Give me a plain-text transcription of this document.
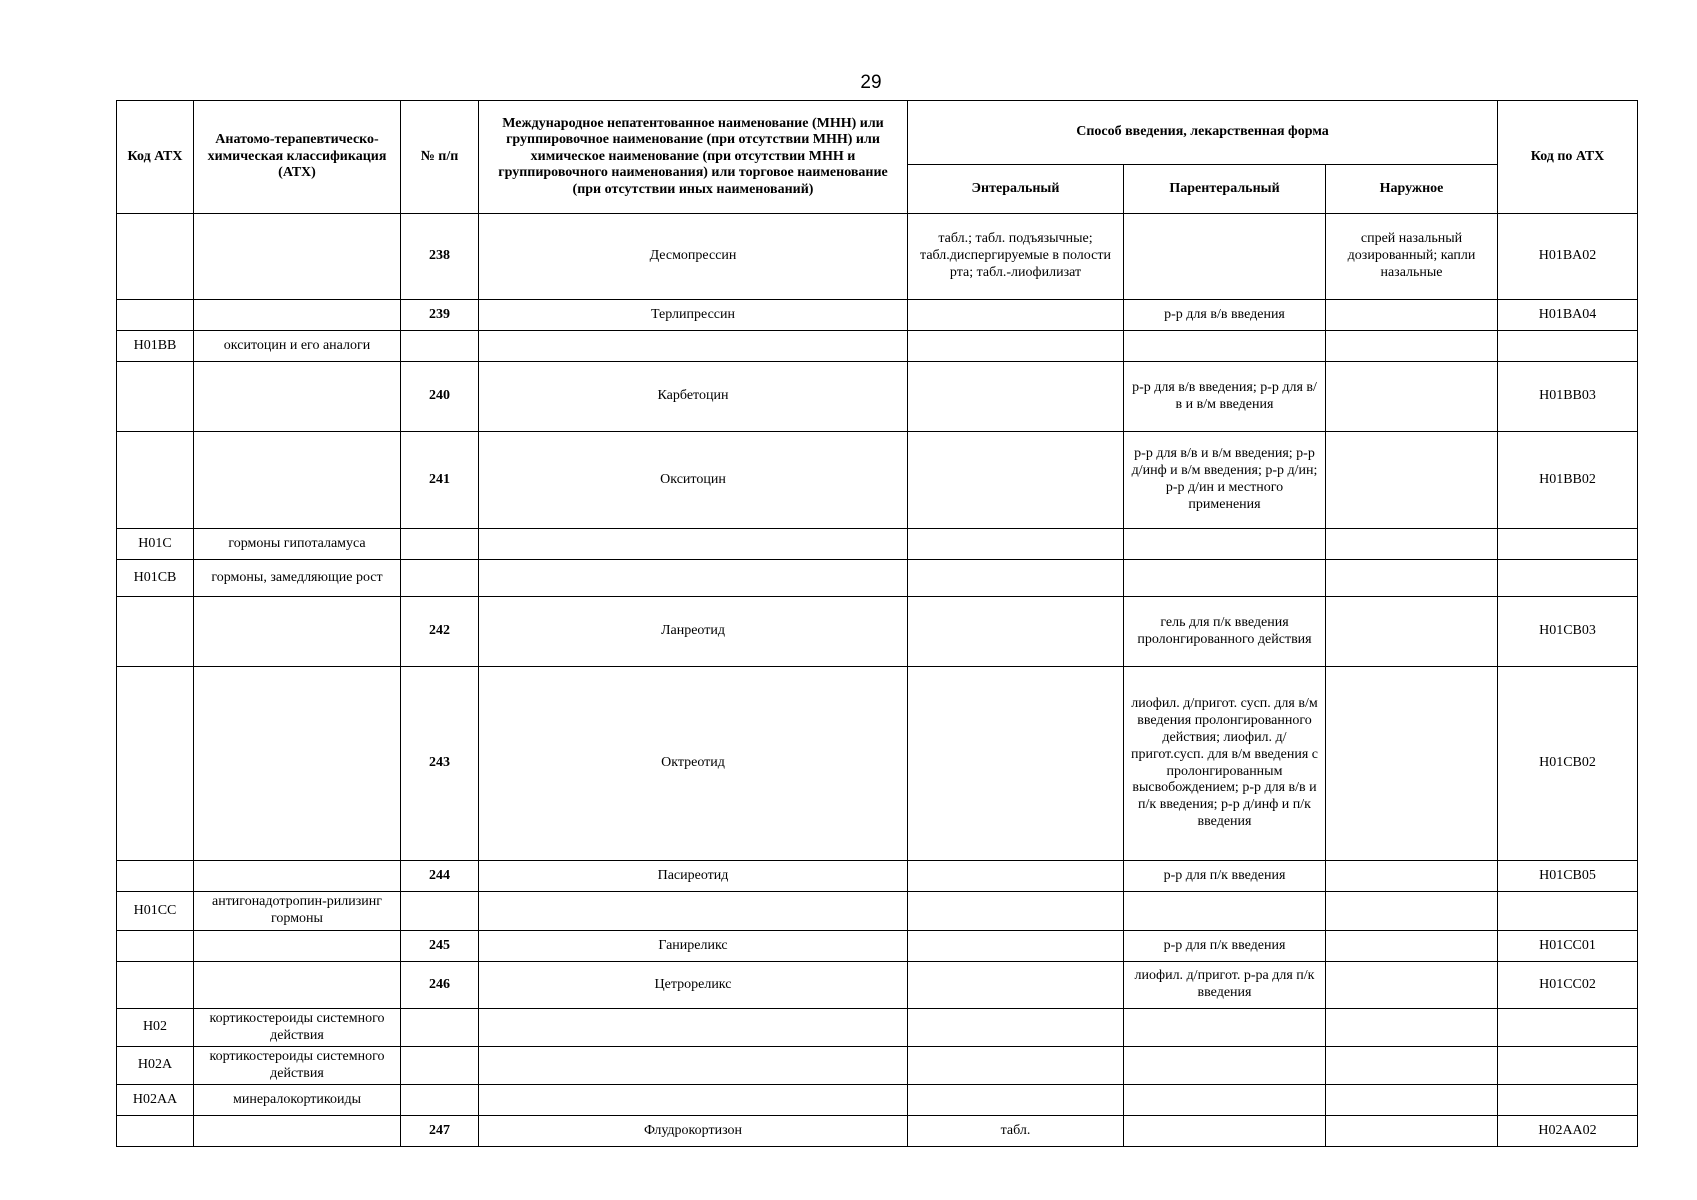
29
Код АТХ	Анатомо-терапевтическо-химическая классификация (АТХ)	№ п/п	Международное непатентованное наименование (МНН) или группировочное наименование (при отсутствии МНН) или химическое наименование (при отсутствии МНН и группировочного наименования) или торговое наименование (при отсутствии иных наименований)	Способ введения, лекарственная форма			Код по АТХ
				Энтеральный	Парентеральный	Наружное	
		238	Десмопрессин	табл.; табл. подъязычные; табл.диспергируемые в полости рта; табл.-лиофилизат		спрей назальный дозированный; капли назальные	H01BA02
		239	Терлипрессин		р-р для в/в введения		H01BA04
H01BB	окситоцин и его аналоги						
		240	Карбетоцин		р-р для в/в введения; р-р для в/в и в/м введения		H01BB03
		241	Окситоцин		р-р для в/в и в/м введения; р-р д/инф и в/м введения; р-р д/ин; р-р д/ин и местного применения		H01BB02
H01C	гормоны гипоталамуса						
H01CB	гормоны, замедляющие рост						
		242	Ланреотид		гель для п/к введения пролонгированного действия		H01CB03
		243	Октреотид		лиофил. д/пригот. сусп. для в/м введения пролонгированного действия; лиофил. д/пригот.сусп. для в/м введения с пролонгированным высвобождением; р-р для в/в и п/к введения; р-р д/инф и п/к введения		H01CB02
		244	Пасиреотид		р-р для п/к введения		H01CB05
H01CC	антигонадотропин-рилизинг гормоны						
		245	Ганиреликс		р-р для п/к введения		H01CC01
		246	Цетрореликс		лиофил. д/пригот. р-ра для п/к введения		H01CC02
H02	кортикостероиды системного действия						
H02A	кортикостероиды системного действия						
H02AA	минералокортикоиды						
		247	Флудрокортизон	табл.			H02AA02
